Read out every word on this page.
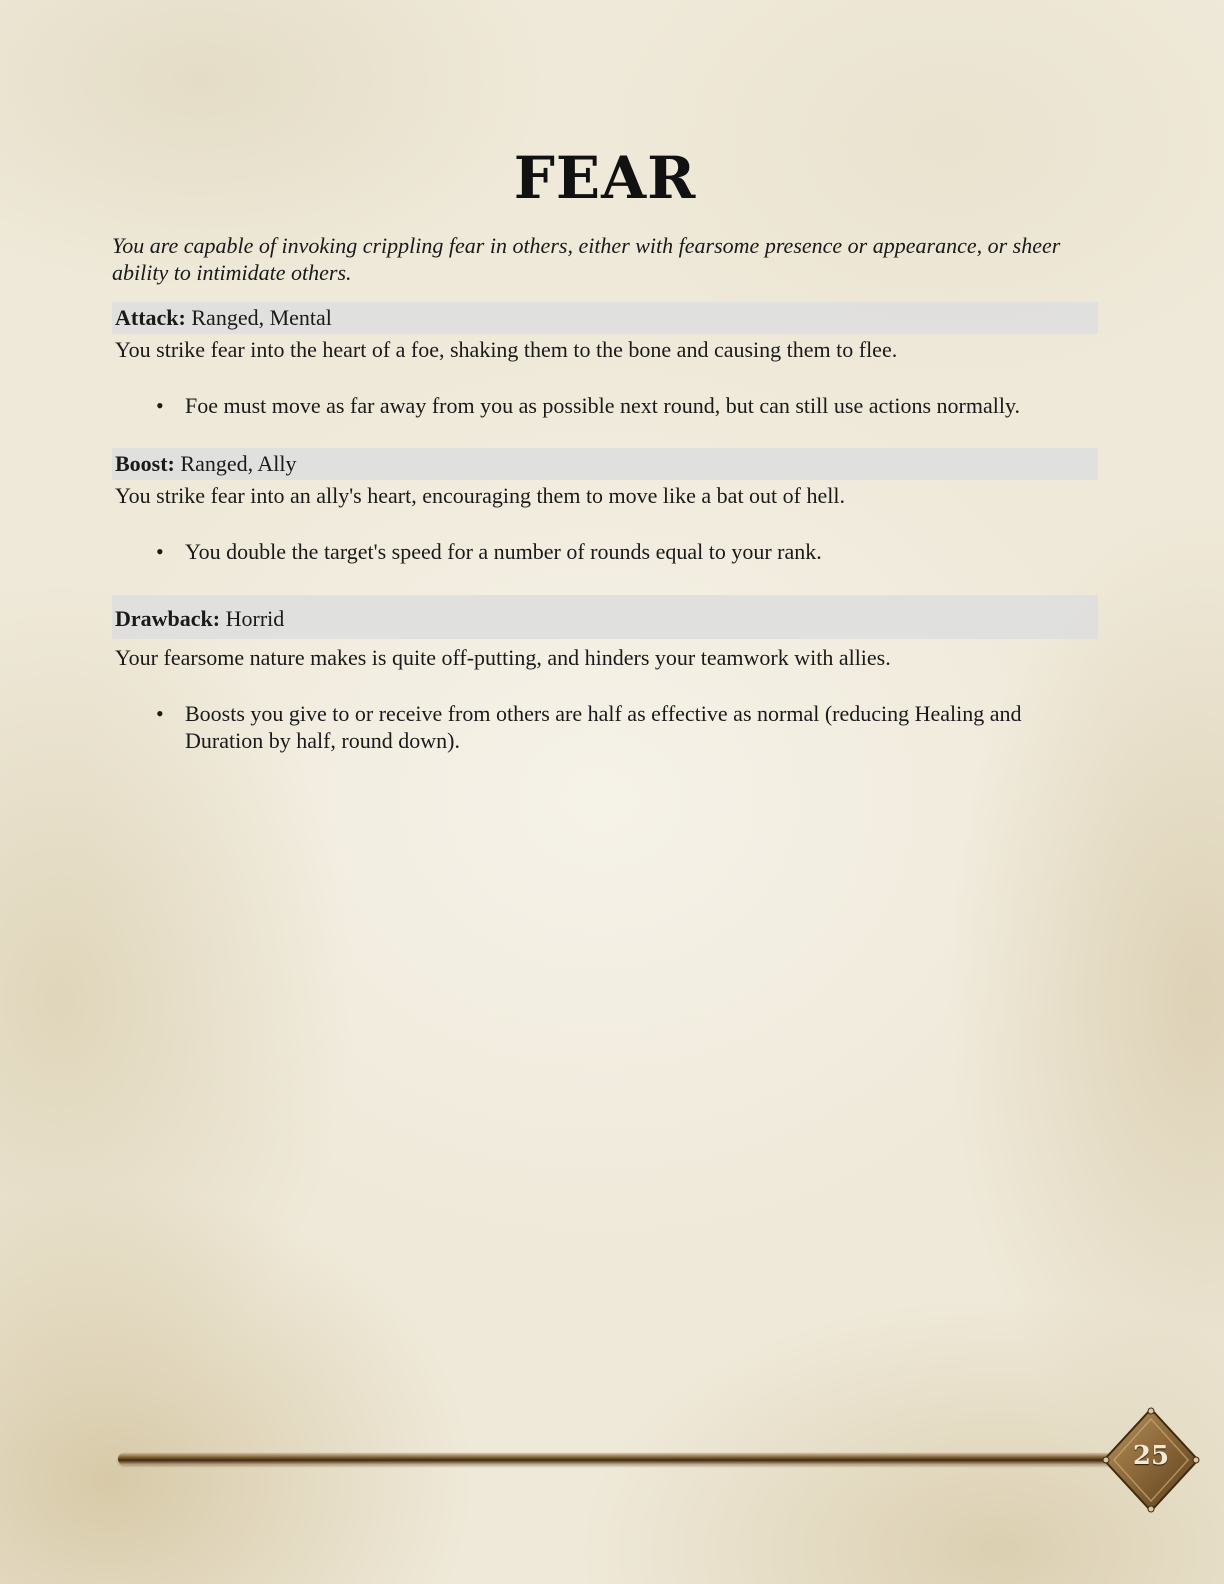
FEAR

You are capable of invoking crippling fear in others, either with fearsome presence or appearance, or sheer ability to intimidate others.

Attack: Ranged, Mental
You strike fear into the heart of a foe, shaking them to the bone and causing them to flee.
• Foe must move as far away from you as possible next round, but can still use actions normally.
Boost: Ranged, Ally
You strike fear into an ally's heart, encouraging them to move like a bat out of hell.
• You double the target's speed for a number of rounds equal to your rank.
Drawback: Horrid
Your fearsome nature makes is quite off-putting, and hinders your teamwork with allies.
• Boosts you give to or receive from others are half as effective as normal (reducing Healing and Duration by half, round down).
25
